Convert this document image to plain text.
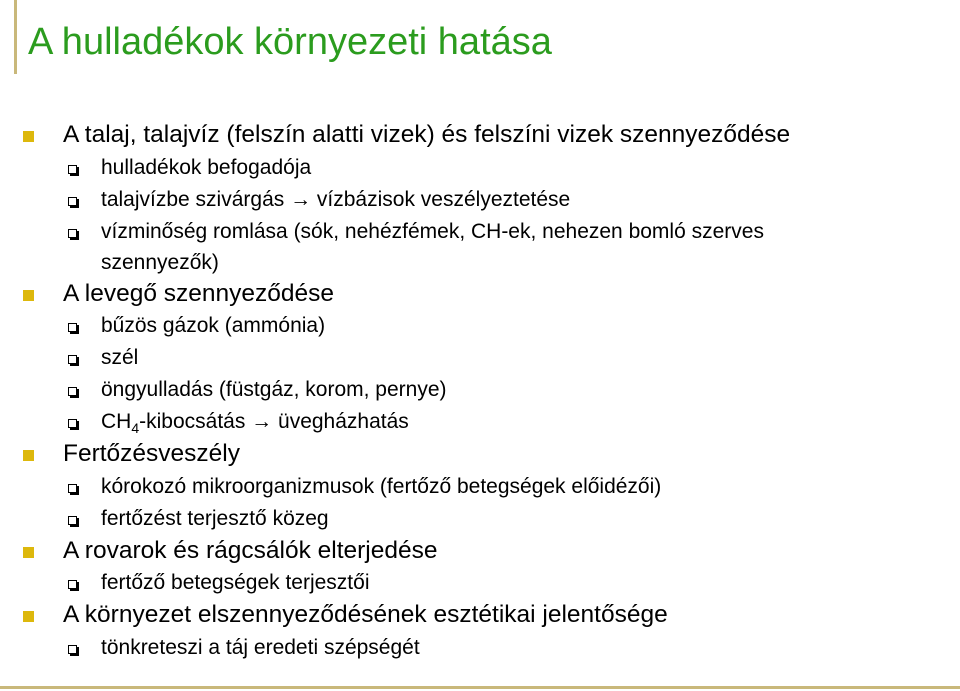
A hulladékok környezeti hatása
A talaj, talajvíz (felszín alatti vizek) és felszíni vizek szennyeződése
hulladékok befogadója
talajvízbe szivárgás → vízbázisok veszélyeztetése
vízminőség romlása (sók, nehézfémek, CH-ek, nehezen bomló szerves
szennyezők)
A levegő szennyeződése
bűzös gázok (ammónia)
szél
öngyulladás (füstgáz, korom, pernye)
$CH_4$-kibocsátás → üvegházhatás
Fertőzésveszély
kórokozó mikroorganizmusok (fertőző betegségek előidézői)
fertőzést terjesztő közeg
A rovarok és rágcsálók elterjedése
fertőző betegségek terjesztői
A környezet elszennyeződésének esztétikai jelentősége
tönkreteszi a táj eredeti szépségét
